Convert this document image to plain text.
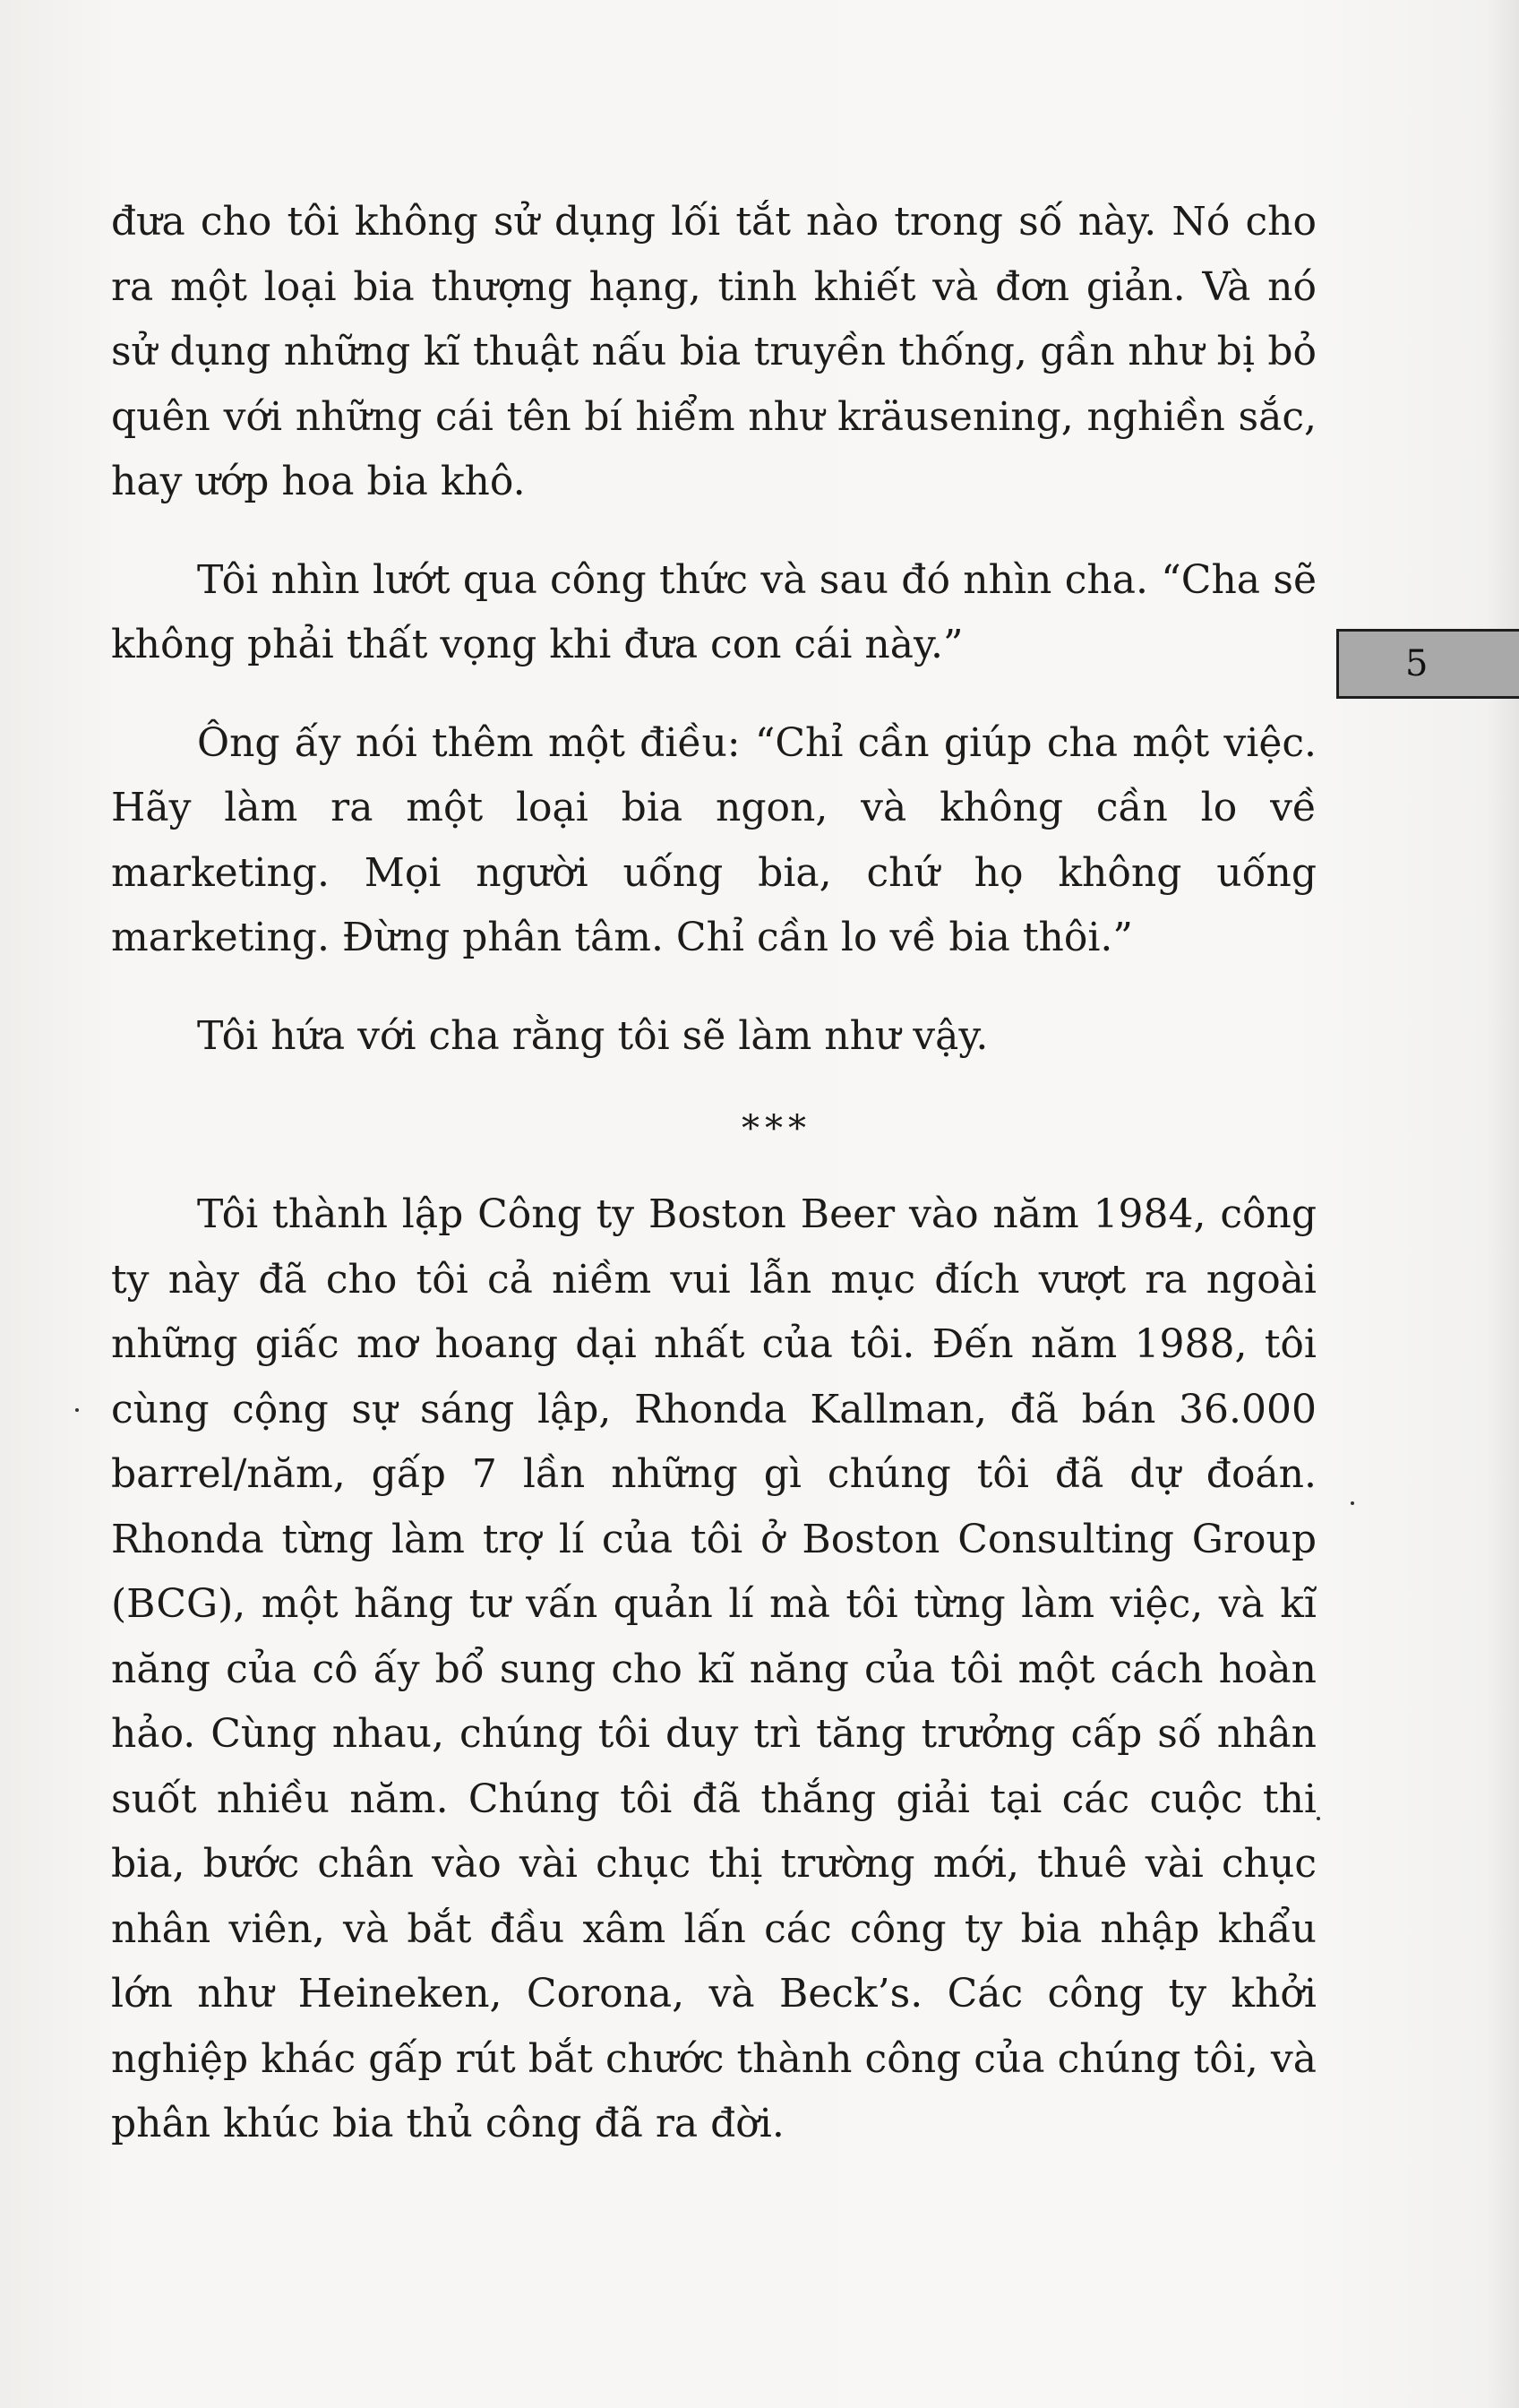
đưa cho tôi không sử dụng lối tắt nào trong số này. Nó cho ra một loại bia thượng hạng, tinh khiết và đơn giản. Và nó sử dụng những kĩ thuật nấu bia truyền thống, gần như bị bỏ quên với những cái tên bí hiểm như kräusening, nghiền sắc, hay ướp hoa bia khô.

Tôi nhìn lướt qua công thức và sau đó nhìn cha. “Cha sẽ không phải thất vọng khi đưa con cái này.”

Ông ấy nói thêm một điều: “Chỉ cần giúp cha một việc. Hãy làm ra một loại bia ngon, và không cần lo về marketing. Mọi người uống bia, chứ họ không uống marketing. Đừng phân tâm. Chỉ cần lo về bia thôi.”

Tôi hứa với cha rằng tôi sẽ làm như vậy.

***

Tôi thành lập Công ty Boston Beer vào năm 1984, công ty này đã cho tôi cả niềm vui lẫn mục đích vượt ra ngoài những giấc mơ hoang dại nhất của tôi. Đến năm 1988, tôi cùng cộng sự sáng lập, Rhonda Kallman, đã bán 36.000 barrel/năm, gấp 7 lần những gì chúng tôi đã dự đoán. Rhonda từng làm trợ lí của tôi ở Boston Consulting Group (BCG), một hãng tư vấn quản lí mà tôi từng làm việc, và kĩ năng của cô ấy bổ sung cho kĩ năng của tôi một cách hoàn hảo. Cùng nhau, chúng tôi duy trì tăng trưởng cấp số nhân suốt nhiều năm. Chúng tôi đã thắng giải tại các cuộc thi bia, bước chân vào vài chục thị trường mới, thuê vài chục nhân viên, và bắt đầu xâm lấn các công ty bia nhập khẩu lớn như Heineken, Corona, và Beck’s. Các công ty khởi nghiệp khác gấp rút bắt chước thành công của chúng tôi, và phân khúc bia thủ công đã ra đời.

5
